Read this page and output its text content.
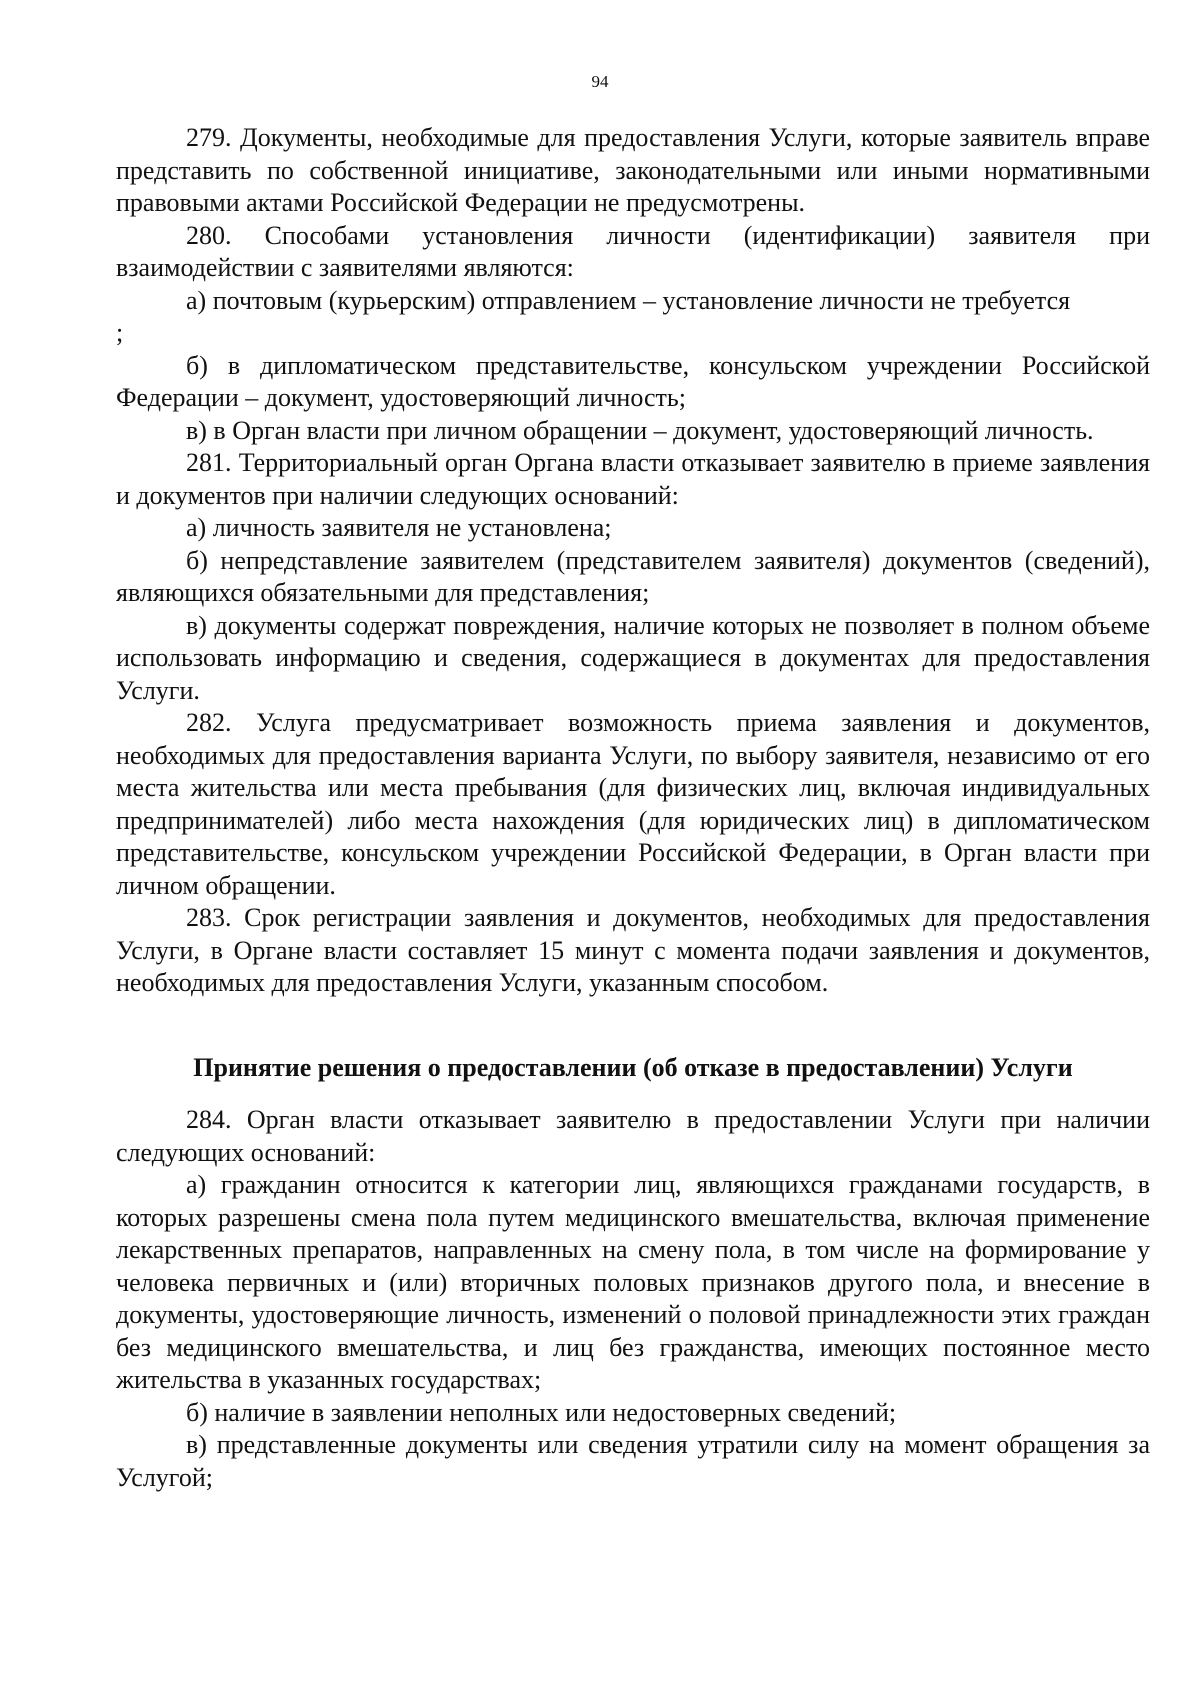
94

279. Документы, необходимые для предоставления Услуги, которые заявитель вправе представить по собственной инициативе, законодательными или иными нормативными правовыми актами Российской Федерации не предусмотрены.

280. Способами установления личности (идентификации) заявителя при взаимодействии с заявителями являются:

а) почтовым (курьерским) отправлением – установление личности не требуется

;

б) в дипломатическом представительстве, консульском учреждении Российской Федерации – документ, удостоверяющий личность;

в) в Орган власти при личном обращении – документ, удостоверяющий личность.

281. Территориальный орган Органа власти отказывает заявителю в приеме заявления и документов при наличии следующих оснований:

а) личность заявителя не установлена;

б) непредставление заявителем (представителем заявителя) документов (сведений), являющихся обязательными для представления;

в) документы содержат повреждения, наличие которых не позволяет в полном объеме использовать информацию и сведения, содержащиеся в документах для предоставления Услуги.

282. Услуга предусматривает возможность приема заявления и документов, необходимых для предоставления варианта Услуги, по выбору заявителя, независимо от его места жительства или места пребывания (для физических лиц, включая индивидуальных предпринимателей) либо места нахождения (для юридических лиц) в дипломатическом представительстве, консульском учреждении Российской Федерации, в Орган власти при личном обращении.

283. Срок регистрации заявления и документов, необходимых для предоставления Услуги, в Органе власти составляет 15 минут с момента подачи заявления и документов, необходимых для предоставления Услуги, указанным способом.

Принятие решения о предоставлении (об отказе в предоставлении) Услуги

284. Орган власти отказывает заявителю в предоставлении Услуги при наличии следующих оснований:

а) гражданин относится к категории лиц, являющихся гражданами государств, в которых разрешены смена пола путем медицинского вмешательства, включая применение лекарственных препаратов, направленных на смену пола, в том числе на формирование у человека первичных и (или) вторичных половых признаков другого пола, и внесение в документы, удостоверяющие личность, изменений о половой принадлежности этих граждан без медицинского вмешательства, и лиц без гражданства, имеющих постоянное место жительства в указанных государствах;

б) наличие в заявлении неполных или недостоверных сведений;

в) представленные документы или сведения утратили силу на момент обращения за Услугой;
